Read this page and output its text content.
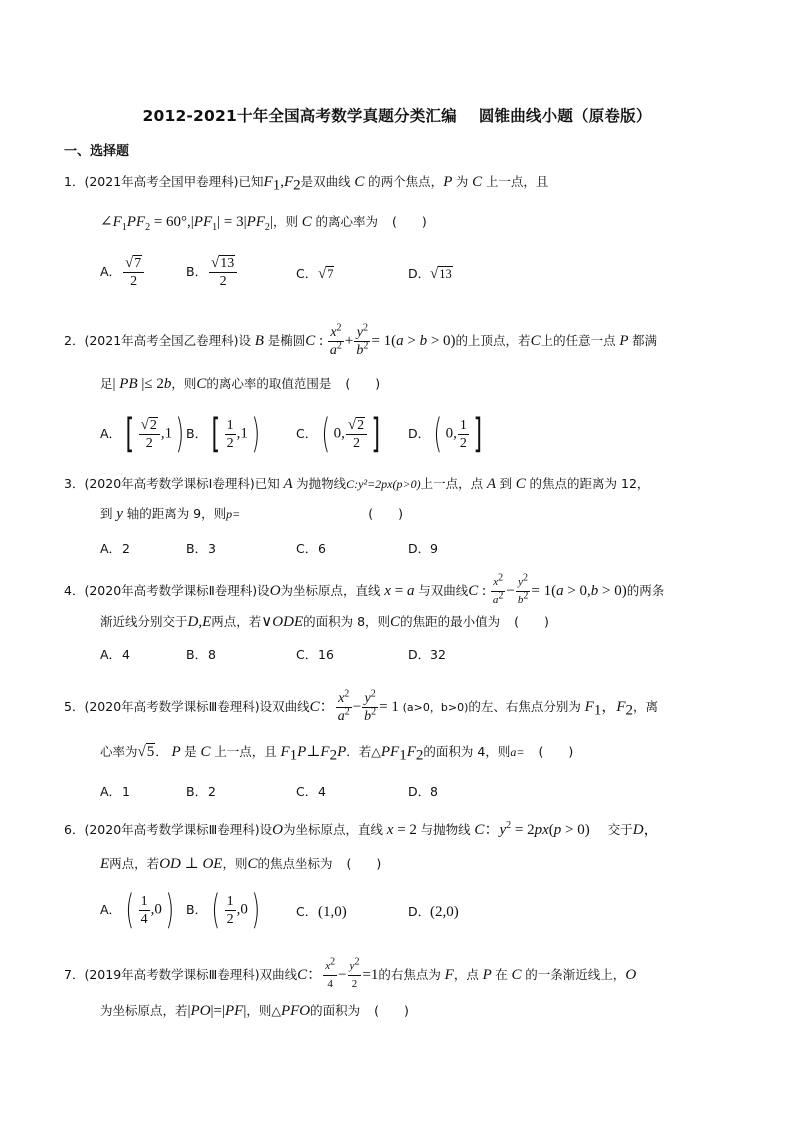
2012-2021十年全国高考数学真题分类汇编 圆锥曲线小题（原卷版）
一、选择题
1．(2021年高考全国甲卷理科)已知$F_1,F_2$是双曲线 C 的两个焦点，P 为 C 上一点，且
$\angle F_1PF_2 = 60^\circ,|PF_1| = 3|PF_2|$，则 C 的离心率为 (　　)
A． $\frac{√7}{2}$	B． $\frac{√13}{2}$	C．√7	D．√13
2．(2021年高考全国乙卷理科)设 B 是椭圆C : $\frac{x^2}{a^2} + \frac{y^2}{b^2} = 1(a > b > 0)$的上顶点，若C上的任意一点 P 都满
足| PB |≤ 2b，则C的离心率的取值范围是 (　　)
A． [ $\frac{√2}{2} ,1$) B． [ $\frac{1}{2} ,1$)	C． ( 0, $\frac{√2}{2}$ ] D．( 0, $\frac{1}{2}$ ]
3．(2020年高考数学课标Ⅰ卷理科)已知 A 为抛物线C:y²=2px(p>0)上一点，点 A 到 C 的焦点的距离为 12，
到 y 轴的距离为 9，则p=	(　　)
A．2	B．3	C．6	D．9
4．(2020年高考数学课标Ⅱ卷理科)设O为坐标原点，直线 x = a 与双曲线C : $\frac{x^2}{a^2} - \frac{y^2}{b^2} = 1(a > 0,b > 0)$的两条
渐近线分别交于D,E两点，若∨ODE的面积为 8，则C的焦距的最小值为 (　　)
A．4	B．8	C．16	D．32
5．(2020年高考数学课标Ⅲ卷理科)设双曲线C： $\frac{x^2}{a^2} - \frac{y^2}{b^2} = 1$ (a>0，b>0)的左、右焦点分别为 $F_1$，$F_2$，离
心率为√5． P 是 C 上一点，且 $F_1P\perp F_2P$．若$\triangle PF_1F_2$的面积为 4，则a= (　　)
A．1	B．2	C．4	D．8
6．(2020年高考数学课标Ⅲ卷理科)设O为坐标原点，直线 x = 2 与抛物线 C：$y^2 = 2px(p > 0)$ 交于D，
E两点，若OD ⊥ OE，则C的焦点坐标为 (　　)
A． ( $\frac{1}{4} ,0$) B． ( $\frac{1}{2} ,0$)	C．(1,0)	D．(2,0)
7．(2019年高考数学课标Ⅲ卷理科)双曲线C： $\frac{x^2}{4} - \frac{y^2}{2} =1$的右焦点为 F，点 P 在 C 的一条渐近线上，O
为坐标原点，若|PO|=|PF|，则△PFO的面积为 (　　)
